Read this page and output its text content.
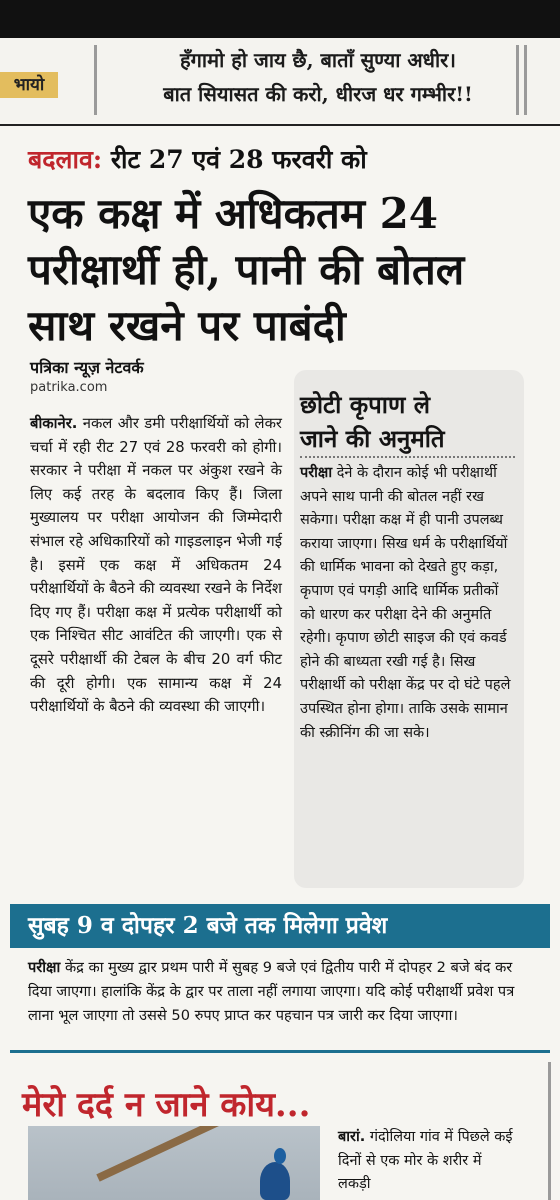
भायो
हँगामो हो जाय छै, बाताँ सुण्या अधीर।
बात सियासत की करो, धीरज धर गम्भीर!!
बदलाव: रीट 27 एवं 28 फरवरी को
एक कक्ष में अधिकतम 24
परीक्षार्थी ही, पानी की बोतल
साथ रखने पर पाबंदी
पत्रिका न्यूज़ नेटवर्क
patrika.com
बीकानेर. नकल और डमी परीक्षार्थियों को लेकर चर्चा में रही रीट 27 एवं 28 फरवरी को होगी। सरकार ने परीक्षा में नकल पर अंकुश रखने के लिए कई तरह के बदलाव किए हैं। जिला मुख्यालय पर परीक्षा आयोजन की जिम्मेदारी संभाल रहे अधिकारियों को गाइडलाइन भेजी गई है। इसमें एक कक्ष में अधिकतम 24 परीक्षार्थियों के बैठने की व्यवस्था रखने के निर्देश दिए गए हैं। परीक्षा कक्ष में प्रत्येक परीक्षार्थी को एक निश्चित सीट आवंटित की जाएगी। एक से दूसरे परीक्षार्थी की टेबल के बीच 20 वर्ग फीट की दूरी होगी। एक सामान्य कक्ष में 24 परीक्षार्थियों के बैठने की व्यवस्था की जाएगी।
छोटी कृपाण ले
जाने की अनुमति
परीक्षा देने के दौरान कोई भी परीक्षार्थी अपने साथ पानी की बोतल नहीं रख सकेगा। परीक्षा कक्ष में ही पानी उपलब्ध कराया जाएगा। सिख धर्म के परीक्षार्थियों की धार्मिक भावना को देखते हुए कड़ा, कृपाण एवं पगड़ी आदि धार्मिक प्रतीकों को धारण कर परीक्षा देने की अनुमति रहेगी। कृपाण छोटी साइज की एवं कवर्ड होने की बाध्यता रखी गई है। सिख परीक्षार्थी को परीक्षा केंद्र पर दो घंटे पहले उपस्थित होना होगा। ताकि उसके सामान की स्क्रीनिंग की जा सके।
सुबह 9 व दोपहर 2 बजे तक मिलेगा प्रवेश
परीक्षा केंद्र का मुख्य द्वार प्रथम पारी में सुबह 9 बजे एवं द्वितीय पारी में दोपहर 2 बजे बंद कर दिया जाएगा। हालांकि केंद्र के द्वार पर ताला नहीं लगाया जाएगा। यदि कोई परीक्षार्थी प्रवेश पत्र लाना भूल जाएगा तो उससे 50 रुपए प्राप्त कर पहचान पत्र जारी कर दिया जाएगा।
मेरो दर्द न जाने कोय...
बारां. गंदोलिया गांव में पिछले कई दिनों से एक मोर के शरीर में लकड़ी
